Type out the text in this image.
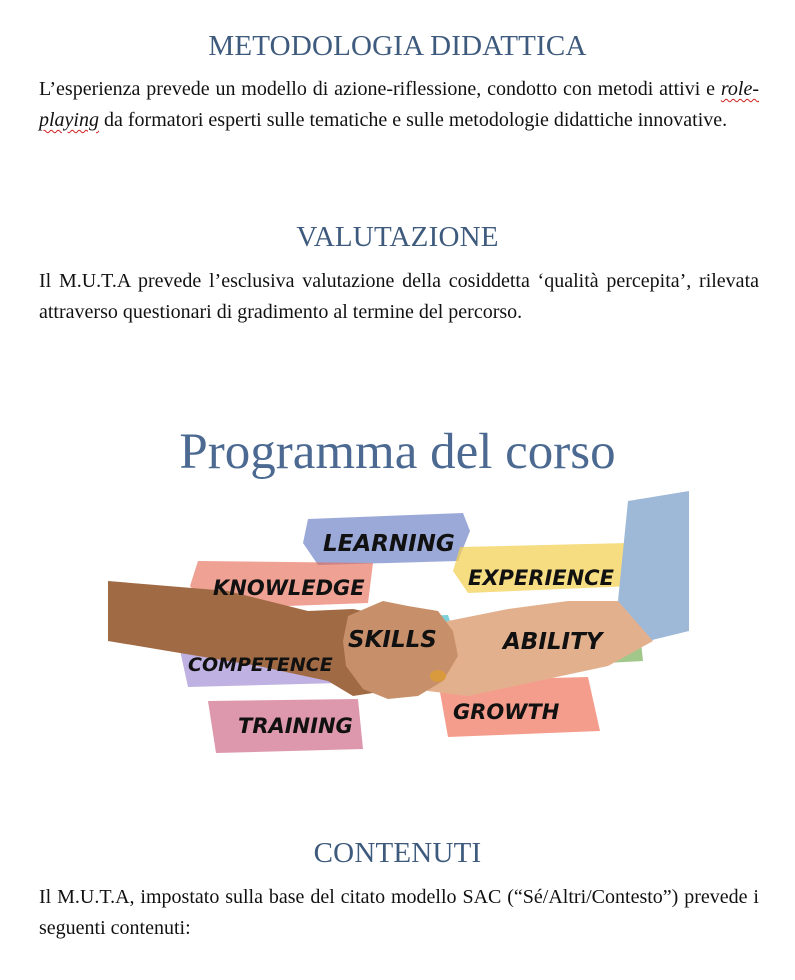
METODOLOGIA DIDATTICA
L’esperienza prevede un modello di azione-riflessione, condotto con metodi attivi e role-playing da formatori esperti sulle tematiche e sulle metodologie didattiche innovative.
VALUTAZIONE
Il M.U.T.A prevede l’esclusiva valutazione della cosiddetta ‘qualità percepita’, rilevata attraverso questionari di gradimento al termine del percorso.
Programma del corso
LEARNING
KNOWLEDGE	EXPERIENCE
SKILLS	ABILITY
COMPETENCE
GROWTH
TRAINING
CONTENUTI
Il M.U.T.A, impostato sulla base del citato modello SAC (“Sé/Altri/Contesto”) prevede i seguenti contenuti:
